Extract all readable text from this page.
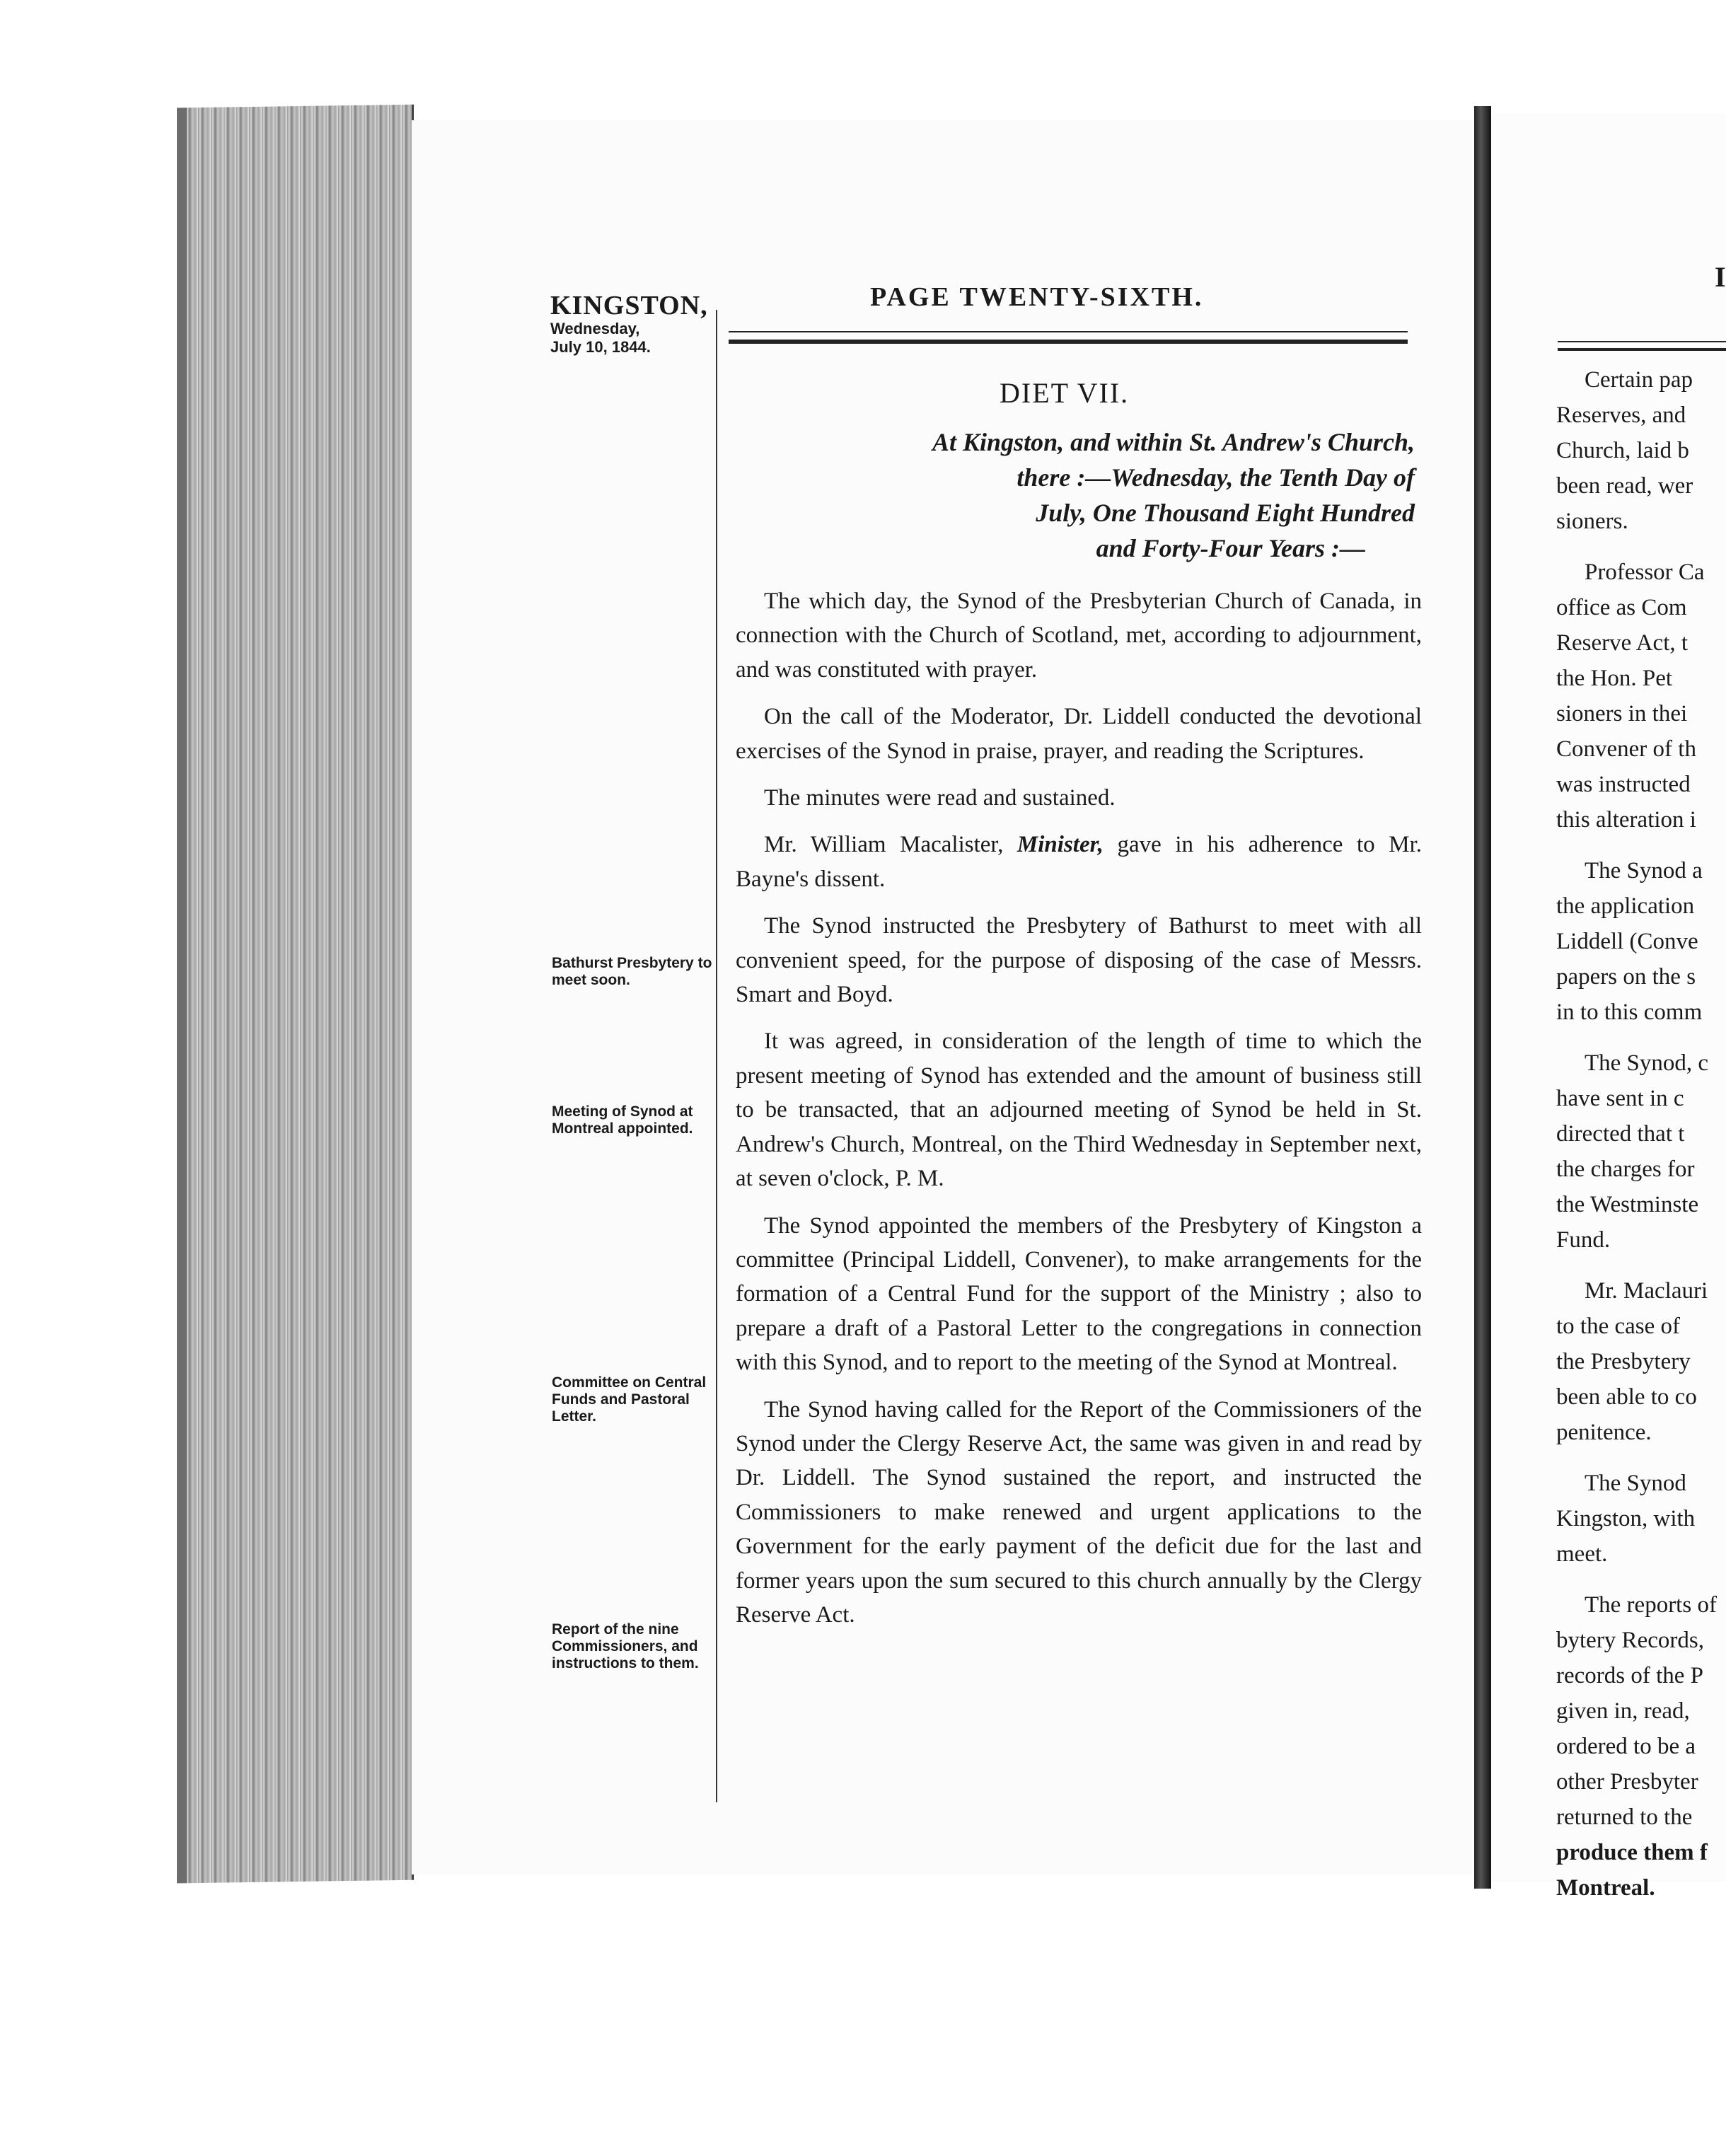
KINGSTON,
Wednesday,
July 10, 1844.
PAGE TWENTY-SIXTH.
DIET VII.
At Kingston, and within St. Andrew's Church,
there :—Wednesday, the Tenth Day of
July, One Thousand Eight Hundred
and Forty-Four Years :—

The which day, the Synod of the Presbyterian Church of Canada, in connection with the Church of Scotland, met, according to adjournment, and was constituted with prayer.

On the call of the Moderator, Dr. Liddell conducted the devotional exercises of the Synod in praise, prayer, and reading the Scriptures.

The minutes were read and sustained.

Mr. William Macalister, Minister, gave in his adherence to Mr. Bayne's dissent.

The Synod instructed the Presbytery of Bathurst to meet with all convenient speed, for the purpose of disposing of the case of Messrs. Smart and Boyd.

It was agreed, in consideration of the length of time to which the present meeting of Synod has extended and the amount of business still to be transacted, that an adjourned meeting of Synod be held in St. Andrew's Church, Montreal, on the Third Wednesday in September next, at seven o'clock, P. M.

The Synod appointed the members of the Presbytery of Kingston a committee (Principal Liddell, Convener), to make arrangements for the formation of a Central Fund for the support of the Ministry ; also to prepare a draft of a Pastoral Letter to the congregations in connection with this Synod, and to report to the meeting of the Synod at Montreal.

The Synod having called for the Report of the Commissioners of the Synod under the Clergy Reserve Act, the same was given in and read by Dr. Liddell. The Synod sustained the report, and instructed the Commissioners to make renewed and urgent applications to the Government for the early payment of the deficit due for the last and former years upon the sum secured to this church annually by the Clergy Reserve Act.

Bathurst Presbytery to meet soon.
Meeting of Synod at Montreal appointed.
Committee on Central Funds and Pastoral Letter.
Report of the nine Commissioners, and instructions to them.
I
Certain pap
Reserves, and
Church, laid b
been read, wer
sioners.
Professor Ca
office as Com
Reserve Act, t
the Hon. Pet
sioners in thei
Convener of th
was instructed
this alteration i
The Synod a
the application
Liddell (Conve
papers on the s
in to this comm
The Synod, c
have sent in c
directed that t
the charges for
the Westminste
Fund.
Mr. Maclauri
to the case of
the Presbytery
been able to co
penitence.
The Synod
Kingston, with
meet.
The reports of
bytery Records,
records of the P
given in, read,
ordered to be a
other Presbyter
returned to the
produce them f
Montreal.
